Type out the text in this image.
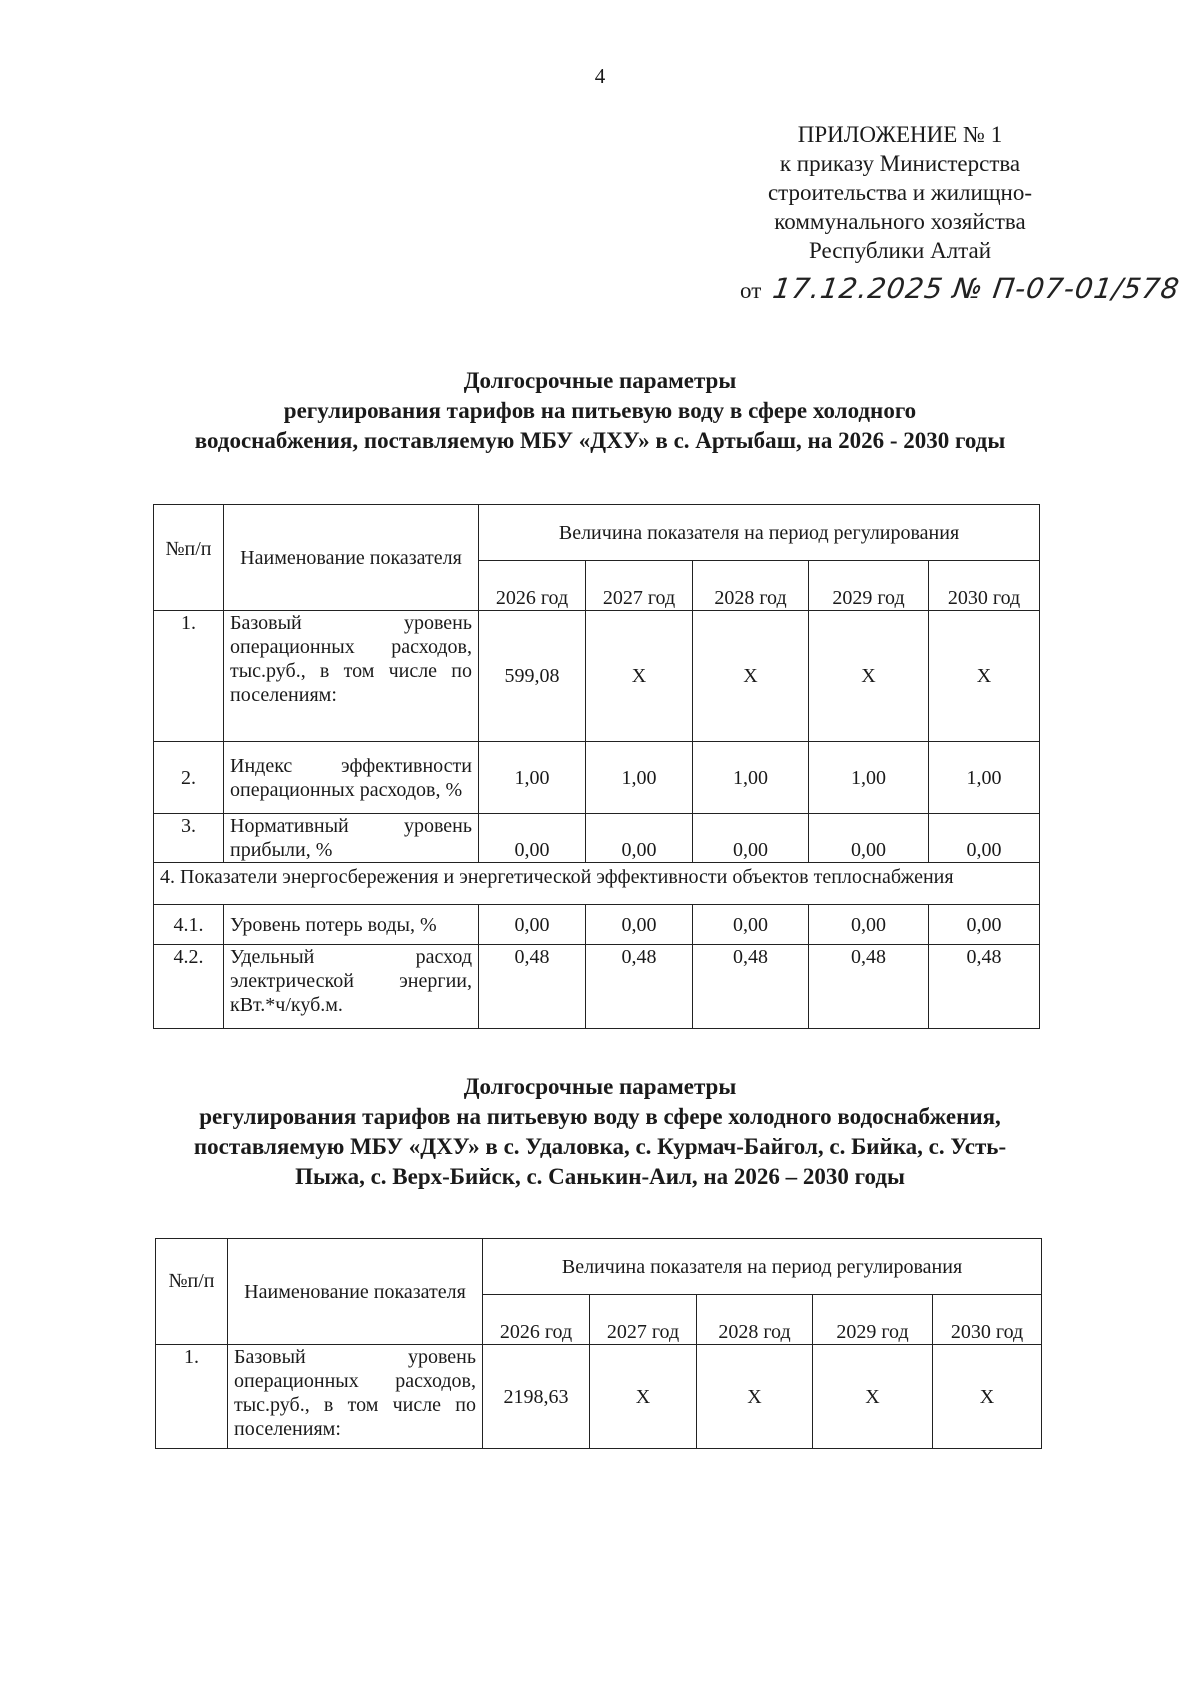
4
ПРИЛОЖЕНИЕ № 1
к приказу Министерства
строительства и жилищно-
коммунального хозяйства
Республики Алтай
от 17.12.2025 № П-07-01/578
Долгосрочные параметры
регулирования тарифов на питьевую воду в сфере холодного
водоснабжения, поставляемую МБУ «ДХУ» в с. Артыбаш, на 2026 - 2030 годы
№п/п	Наименование показателя	Величина показателя на период регулирования				
		2026 год	2027 год	2028 год	2029 год	2030 год
1.	Базовый уровень операционных расходов, тыс.руб., в том числе по поселениям:	599,08	Х	Х	Х	Х
2.	Индекс эффективности операционных расходов, %	1,00	1,00	1,00	1,00	1,00
3.	Нормативный уровень прибыли, %	0,00	0,00	0,00	0,00	0,00
4. Показатели энергосбережения и энергетической эффективности объектов теплоснабжения						
4.1.	Уровень потерь воды, %	0,00	0,00	0,00	0,00	0,00
4.2.	Удельный расход электрической энергии, кВт.*ч/куб.м.	0,48	0,48	0,48	0,48	0,48
Долгосрочные параметры
регулирования тарифов на питьевую воду в сфере холодного водоснабжения,
поставляемую МБУ «ДХУ» в с. Удаловка, с. Курмач-Байгол, с. Бийка, с. Усть-
Пыжа, с. Верх-Бийск, с. Санькин-Аил, на 2026 – 2030 годы
№п/п	Наименование показателя	Величина показателя на период регулирования				
		2026 год	2027 год	2028 год	2029 год	2030 год
1.	Базовый уровень операционных расходов, тыс.руб., в том числе по поселениям:	2198,63	Х	Х	Х	Х
